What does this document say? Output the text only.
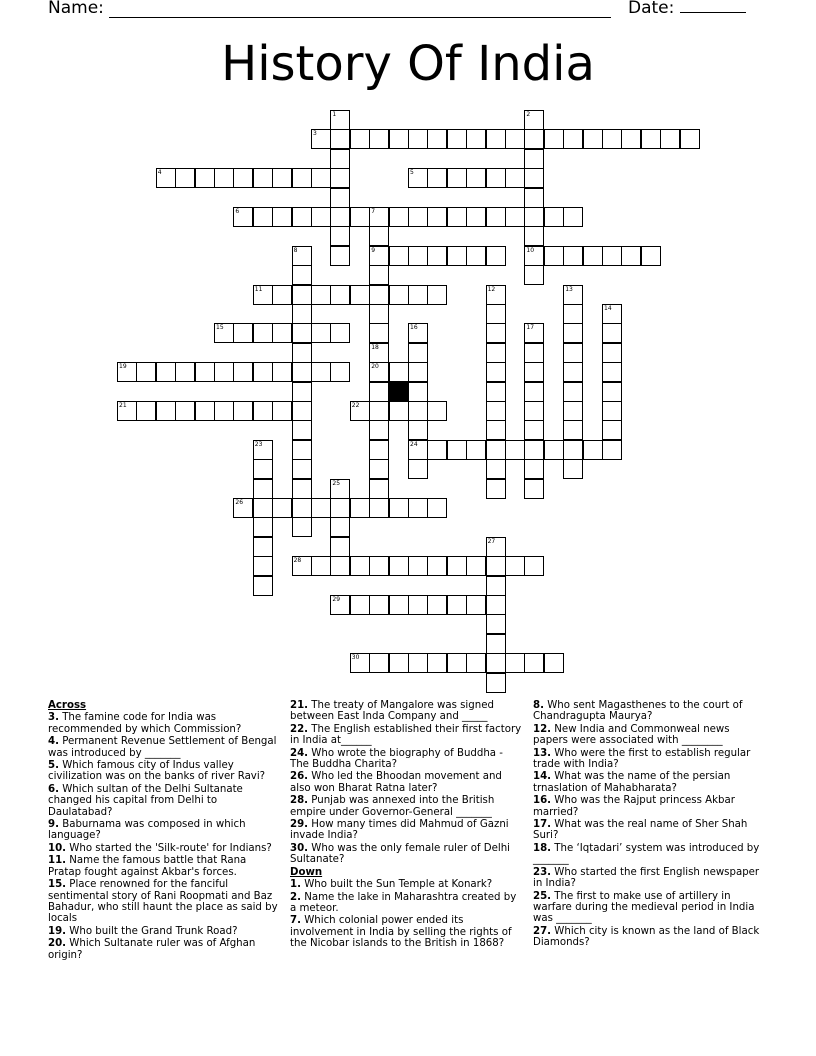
Name:	Date:
History Of India
3
4	5
6	7
9	10
11
15
19	20
21	22
24
26
28
29
30
1	2
18
8
12	13
14
16	17
23
25
27
Across
3. The famine code for India was recommended by which Commission?
4. Permanent Revenue Settlement of Bengal was introduced by _______
5. Which famous city of Indus valley civilization was on the banks of river Ravi?
6. Which sultan of the Delhi Sultanate changed his capital from Delhi to Daulatabad?
9. Baburnama was composed in which language?
10. Who started the 'Silk-route' for Indians?
11. Name the famous battle that Rana Pratap fought against Akbar's forces.
15. Place renowned for the fanciful sentimental story of Rani Roopmati and Baz Bahadur, who still haunt the place as said by locals
19. Who built the Grand Trunk Road?
20. Which Sultanate ruler was of Afghan origin?
21. The treaty of Mangalore was signed between East Inda Company and _____
22. The English established their first factory in India at______
24. Who wrote the biography of Buddha - The Buddha Charita?
26. Who led the Bhoodan movement and also won Bharat Ratna later?
28. Punjab was annexed into the British empire under Governor-General _______
29. How many times did Mahmud of Gazni invade India?
30. Who was the only female ruler of Delhi Sultanate?
Down
1. Who built the Sun Temple at Konark?
2. Name the lake in Maharashtra created by a meteor.
7. Which colonial power ended its involvement in India by selling the rights of the Nicobar islands to the British in 1868?
8. Who sent Magasthenes to the court of Chandragupta Maurya?
12. New India and Commonweal news papers were associated with ________
13. Who were the first to establish regular trade with India?
14. What was the name of the persian trnaslation of Mahabharata?
16. Who was the Rajput princess Akbar married?
17. What was the real name of Sher Shah Suri?
18. The ‘Iqtadari’ system was introduced by _______
23. Who started the first English newspaper in India?
25. The first to make use of artillery in warfare during the medieval period in India was _______
27. Which city is known as the land of Black Diamonds?
